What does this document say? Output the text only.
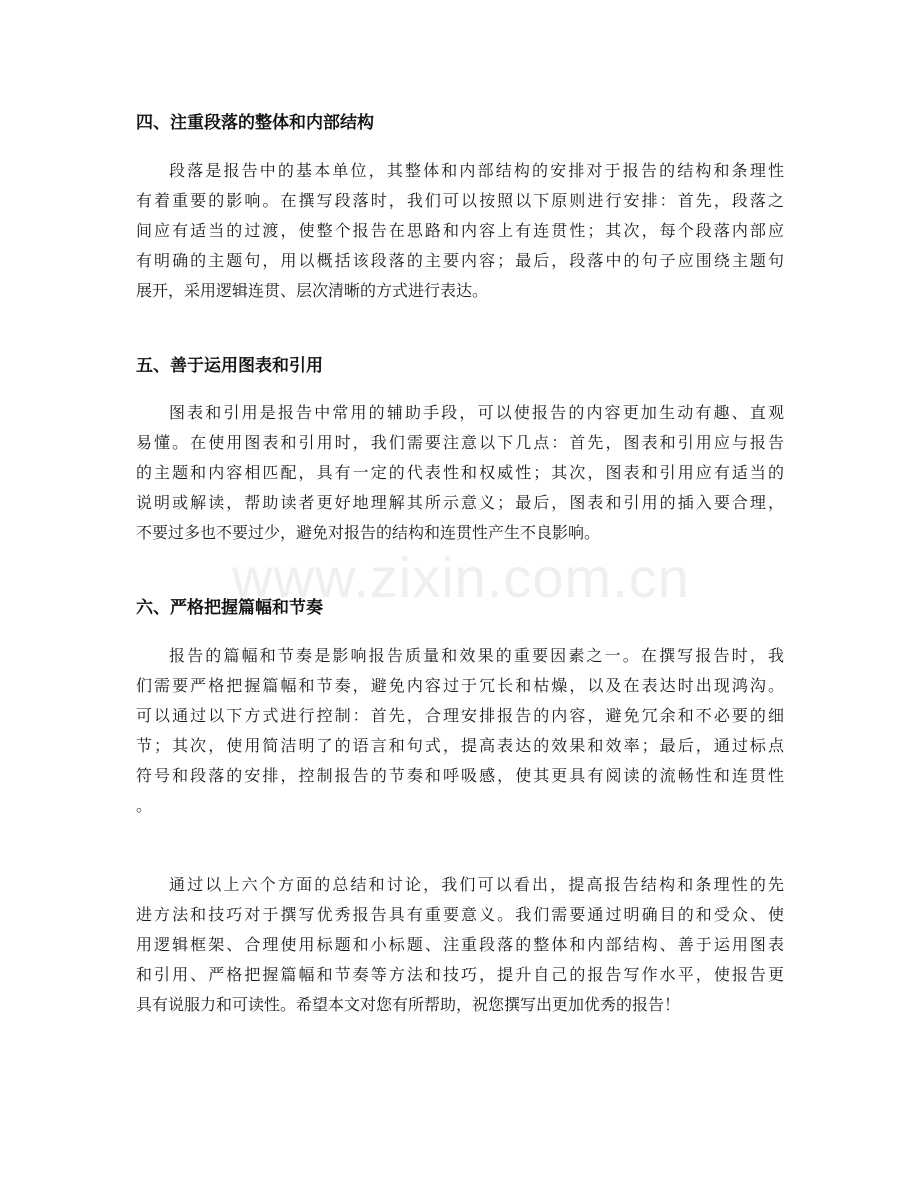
www.zixin.com.cn
四、注重段落的整体和内部结构
段落是报告中的基本单位，其整体和内部结构的安排对于报告的结构和条理性
有着重要的影响。在撰写段落时，我们可以按照以下原则进行安排：首先，段落之
间应有适当的过渡，使整个报告在思路和内容上有连贯性；其次，每个段落内部应
有明确的主题句，用以概括该段落的主要内容；最后，段落中的句子应围绕主题句
展开，采用逻辑连贯、层次清晰的方式进行表达。
五、善于运用图表和引用
图表和引用是报告中常用的辅助手段，可以使报告的内容更加生动有趣、直观
易懂。在使用图表和引用时，我们需要注意以下几点：首先，图表和引用应与报告
的主题和内容相匹配，具有一定的代表性和权威性；其次，图表和引用应有适当的
说明或解读，帮助读者更好地理解其所示意义；最后，图表和引用的插入要合理，
不要过多也不要过少，避免对报告的结构和连贯性产生不良影响。
六、严格把握篇幅和节奏
报告的篇幅和节奏是影响报告质量和效果的重要因素之一。在撰写报告时，我
们需要严格把握篇幅和节奏，避免内容过于冗长和枯燥，以及在表达时出现鸿沟。
可以通过以下方式进行控制：首先，合理安排报告的内容，避免冗余和不必要的细
节；其次，使用简洁明了的语言和句式，提高表达的效果和效率；最后，通过标点
符号和段落的安排，控制报告的节奏和呼吸感，使其更具有阅读的流畅性和连贯性
。
通过以上六个方面的总结和讨论，我们可以看出，提高报告结构和条理性的先
进方法和技巧对于撰写优秀报告具有重要意义。我们需要通过明确目的和受众、使
用逻辑框架、合理使用标题和小标题、注重段落的整体和内部结构、善于运用图表
和引用、严格把握篇幅和节奏等方法和技巧，提升自己的报告写作水平，使报告更
具有说服力和可读性。希望本文对您有所帮助，祝您撰写出更加优秀的报告！
